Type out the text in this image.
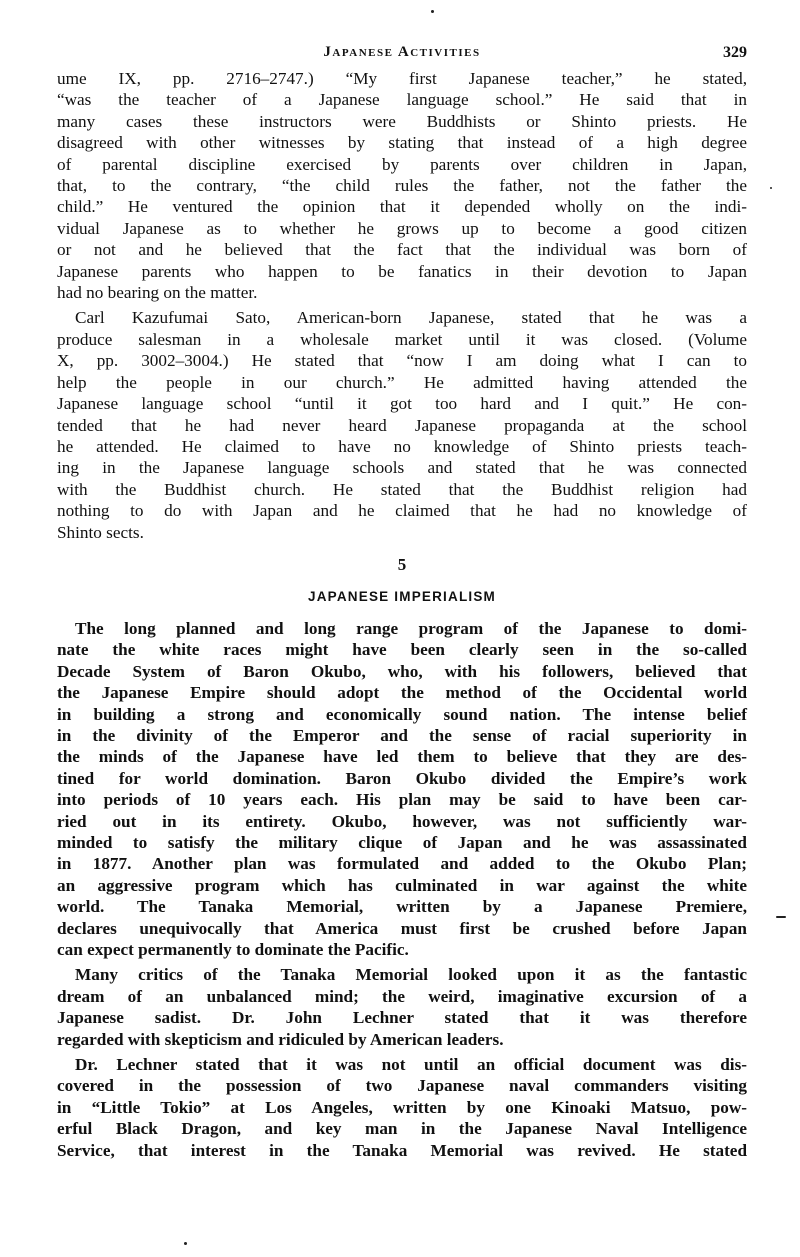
Japanese Activities	329

ume IX, pp. 2716–2747.) “My first Japanese teacher,” he stated,
“was the teacher of a Japanese language school.” He said that in
many cases these instructors were Buddhists or Shinto priests. He
disagreed with other witnesses by stating that instead of a high degree
of parental discipline exercised by parents over children in Japan,
that, to the contrary, “the child rules the father, not the father the
child.” He ventured the opinion that it depended wholly on the indi-
vidual Japanese as to whether he grows up to become a good citizen
or not and he believed that the fact that the individual was born of
Japanese parents who happen to be fanatics in their devotion to Japan
had no bearing on the matter.

Carl Kazufumai Sato, American-born Japanese, stated that he was a
produce salesman in a wholesale market until it was closed. (Volume
X, pp. 3002–3004.) He stated that “now I am doing what I can to
help the people in our church.” He admitted having attended the
Japanese language school “until it got too hard and I quit.” He con-
tended that he had never heard Japanese propaganda at the school
he attended. He claimed to have no knowledge of Shinto priests teach-
ing in the Japanese language schools and stated that he was connected
with the Buddhist church. He stated that the Buddhist religion had
nothing to do with Japan and he claimed that he had no knowledge of
Shinto sects.

5
JAPANESE IMPERIALISM

The long planned and long range program of the Japanese to domi-
nate the white races might have been clearly seen in the so-called
Decade System of Baron Okubo, who, with his followers, believed that
the Japanese Empire should adopt the method of the Occidental world
in building a strong and economically sound nation. The intense belief
in the divinity of the Emperor and the sense of racial superiority in
the minds of the Japanese have led them to believe that they are des-
tined for world domination. Baron Okubo divided the Empire’s work
into periods of 10 years each. His plan may be said to have been car-
ried out in its entirety. Okubo, however, was not sufficiently war-
minded to satisfy the military clique of Japan and he was assassinated
in 1877. Another plan was formulated and added to the Okubo Plan;
an aggressive program which has culminated in war against the white
world. The Tanaka Memorial, written by a Japanese Premiere,
declares unequivocally that America must first be crushed before Japan
can expect permanently to dominate the Pacific.

Many critics of the Tanaka Memorial looked upon it as the fantastic
dream of an unbalanced mind; the weird, imaginative excursion of a
Japanese sadist. Dr. John Lechner stated that it was therefore
regarded with skepticism and ridiculed by American leaders.

Dr. Lechner stated that it was not until an official document was dis-
covered in the possession of two Japanese naval commanders visiting
in “Little Tokio” at Los Angeles, written by one Kinoaki Matsuo, pow-
erful Black Dragon, and key man in the Japanese Naval Intelligence
Service, that interest in the Tanaka Memorial was revived. He stated
